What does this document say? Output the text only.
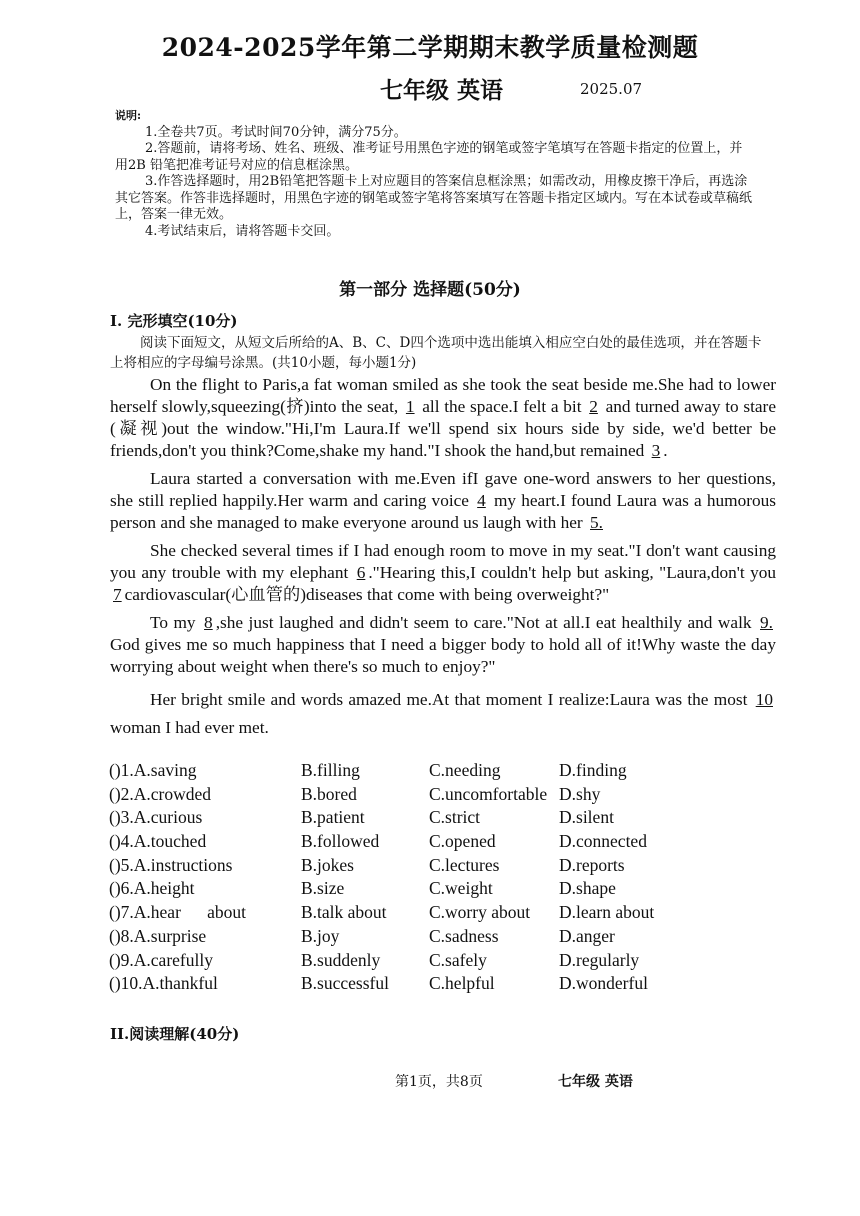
2024-2025学年第二学期期末教学质量检测题
七年级 英语	2025.07
说明:

1.全卷共7页。考试时间70分钟，满分75分。

2.答题前，请将考场、姓名、班级、准考证号用黑色字迹的钢笔或签字笔填写在答题卡指定的位置上，并用2B 铅笔把准考证号对应的信息框涂黑。

3.作答选择题时，用2B铅笔把答题卡上对应题目的答案信息框涂黑；如需改动，用橡皮擦干净后，再选涂其它答案。作答非选择题时，用黑色字迹的钢笔或签字笔将答案填写在答题卡指定区域内。写在本试卷或草稿纸上，答案一律无效。

4.考试结束后，请将答题卡交回。

第一部分 选择题(50分)
I. 完形填空(10分)
阅读下面短文，从短文后所给的A、B、C、D四个选项中选出能填入相应空白处的最佳选项，并在答题卡上将相应的字母编号涂黑。(共10小题，每小题1分)

On the flight to Paris,a fat woman smiled as she took the seat beside me.She had to lower herself slowly,squeezing(挤)into the seat, 1 all the space.I felt a bit 2 and turned away to stare (凝视)out the window."Hi,I'm Laura.If we'll spend six hours side by side, we'd better be friends,don't you think?Come,shake my hand."I shook the hand,but remained 3 .

Laura started a conversation with me.Even ifI gave one-word answers to her questions, she still replied happily.Her warm and caring voice 4 my heart.I found Laura was a humorous person and she managed to make everyone around us laugh with her 5.

She checked several times if I had enough room to move in my seat."I don't want causing you any trouble with my elephant 6 ."Hearing this,I couldn't help but asking, "Laura,don't you 7 cardiovascular(心血管的)diseases that come with being overweight?"

To my 8 ,she just laughed and didn't seem to care."Not at all.I eat healthily and walk 9. God gives me so much happiness that I need a bigger body to hold all of it!Why waste the day worrying about weight when there's so much to enjoy?"

Her bright smile and words amazed me.At that moment I realize:Laura was the most 10 woman I had ever met.

()1.A.saving	B.filling	C.needing	D.finding
()2.A.crowded	B.bored	C.uncomfortable D.shy
()3.A.curious	B.patient	C.strict	D.silent
()4.A.touched	B.followed	C.opened	D.connected
()5.A.instructions	B.jokes	C.lectures	D.reports
()6.A.height	B.size	C.weight	D.shape
()7.A.hear      about	B.talk about C.worry about D.learn about
()8.A.surprise	B.joy	C.sadness	D.anger
()9.A.carefully	B.suddenly	C.safely	D.regularly
()10.A.thankful	B.successful C.helpful	D.wonderful
II.阅读理解(40分)
第1页，共8页	七年级 英语
